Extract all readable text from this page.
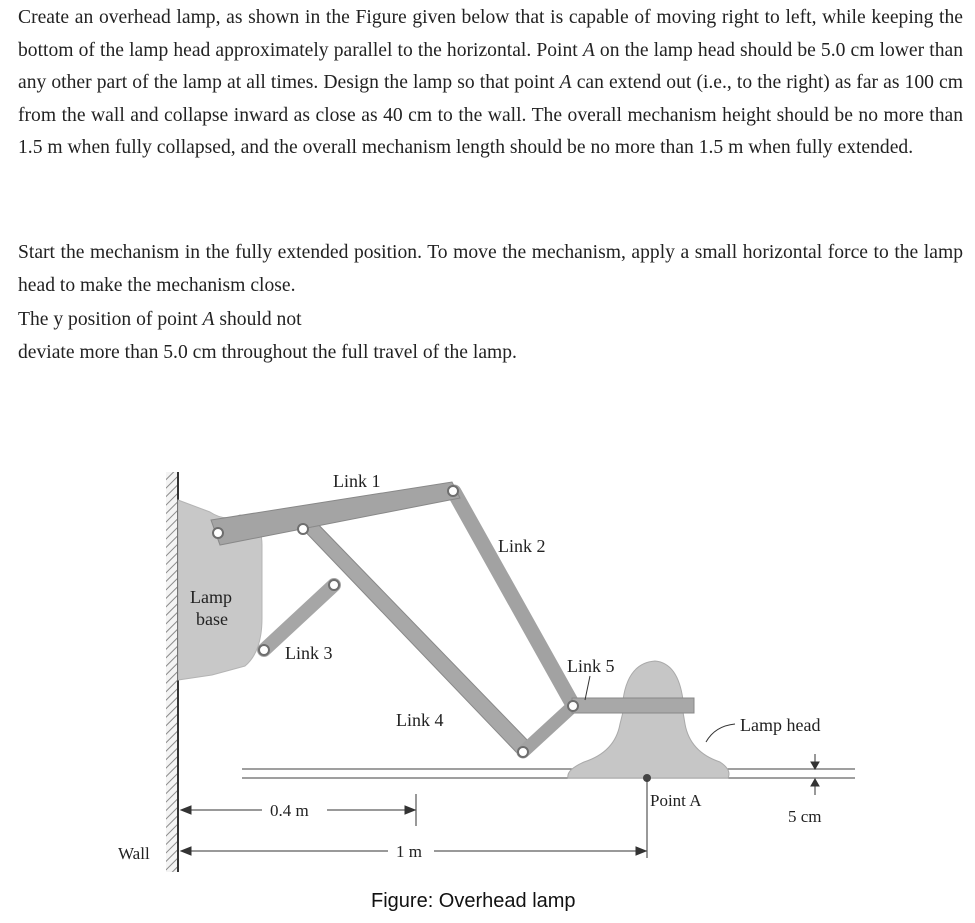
Create an overhead lamp, as shown in the Figure given below that is capable of moving right to left, while keeping the bottom of the lamp head approximately parallel to the horizontal. Point A on the lamp head should be 5.0 cm lower than any other part of the lamp at all times. Design the lamp so that point A can extend out (i.e., to the right) as far as 100 cm from the wall and collapse inward as close as 40 cm to the wall. The overall mechanism height should be no more than 1.5 m when fully collapsed, and the overall mechanism length should be no more than 1.5 m when fully extended.

Start the mechanism in the fully extended position. To move the mechanism, apply a small horizontal force to the lamp head to make the mechanism close.

The y position of point A should not
deviate more than 5.0 cm throughout the full travel of the lamp.

Link 1
Link 2
Link 3
Link 4
Link 5
Lamp
base
Lamp head
Point A
5 cm
0.4 m
1 m
Wall
Figure: Overhead lamp
